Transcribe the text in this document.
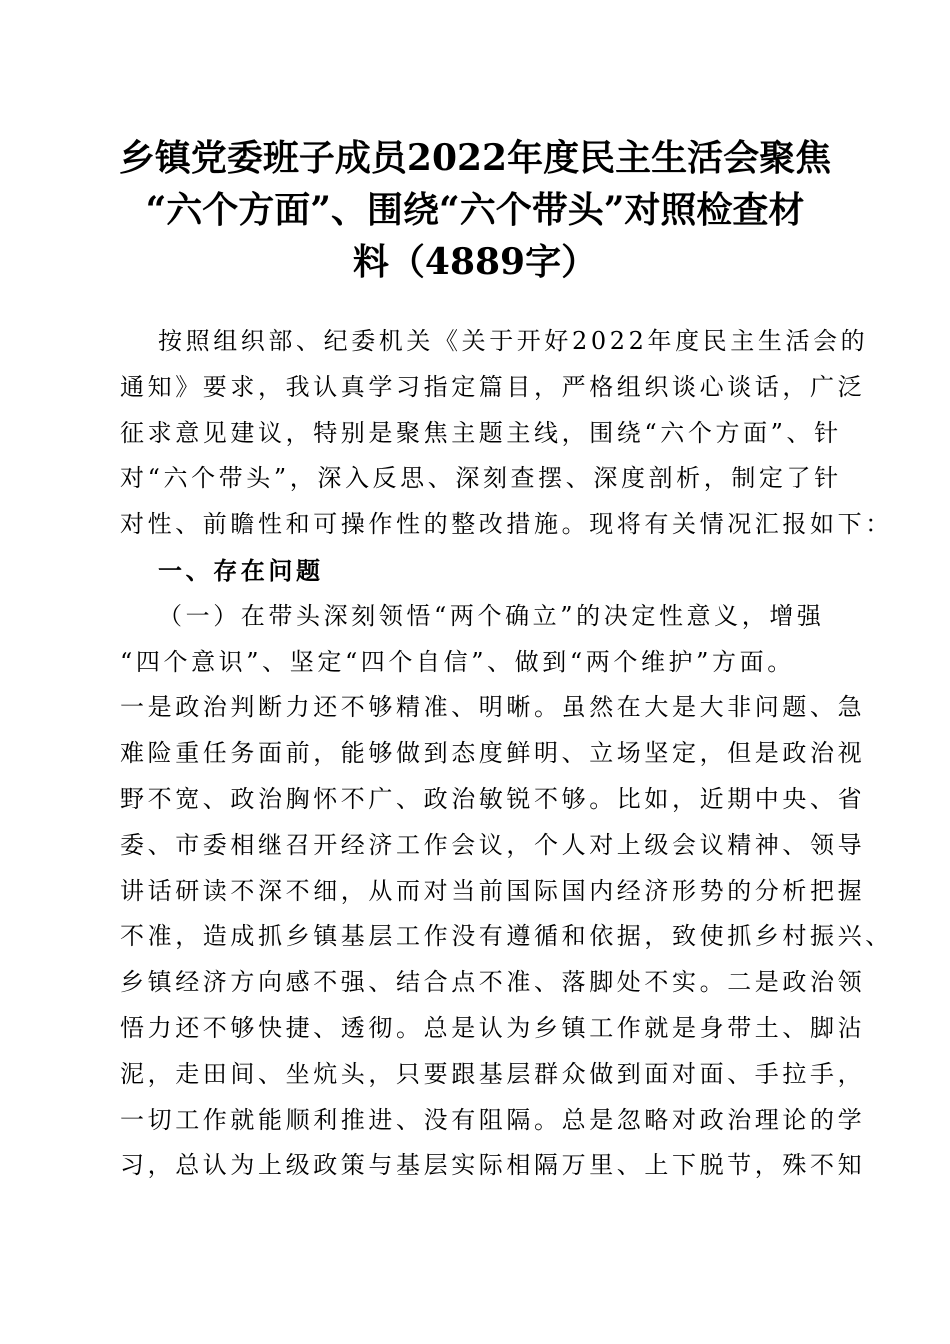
乡镇党委班子成员2022年度民主生活会聚焦
“六个方面”、围绕“六个带头”对照检查材
料（4889字）
按照组织部、纪委机关《关于开好2022年度民主生活会的
通知》要求，我认真学习指定篇目，严格组织谈心谈话，广泛
征求意见建议，特别是聚焦主题主线，围绕“六个方面”、针
对“六个带头”，深入反思、深刻查摆、深度剖析，制定了针
对性、前瞻性和可操作性的整改措施。现将有关情况汇报如下：
一、存在问题
（一）在带头深刻领悟“两个确立”的决定性意义，增强
“四个意识”、坚定“四个自信”、做到“两个维护”方面。
一是政治判断力还不够精准、明晰。虽然在大是大非问题、急
难险重任务面前，能够做到态度鲜明、立场坚定，但是政治视
野不宽、政治胸怀不广、政治敏锐不够。比如，近期中央、省
委、市委相继召开经济工作会议，个人对上级会议精神、领导
讲话研读不深不细，从而对当前国际国内经济形势的分析把握
不准，造成抓乡镇基层工作没有遵循和依据，致使抓乡村振兴、
乡镇经济方向感不强、结合点不准、落脚处不实。二是政治领
悟力还不够快捷、透彻。总是认为乡镇工作就是身带土、脚沾
泥，走田间、坐炕头，只要跟基层群众做到面对面、手拉手，
一切工作就能顺利推进、没有阻隔。总是忽略对政治理论的学
习，总认为上级政策与基层实际相隔万里、上下脱节，殊不知
